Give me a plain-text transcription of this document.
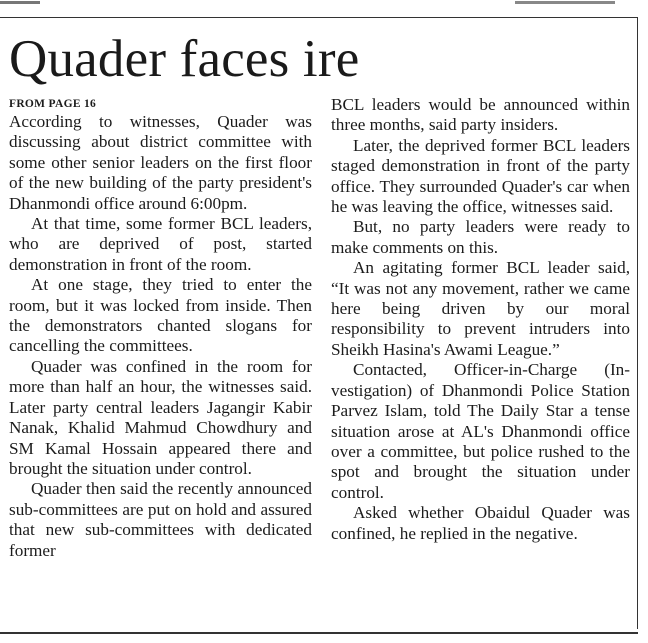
Quader faces ire
FROM PAGE 16

According to witnesses, Quader was discussing about district committee with some other senior leaders on the first floor of the new building of the party president's Dhanmondi office around 6:00pm.

At that time, some former BCL leaders, who are deprived of post, started demonstration in front of the room.

At one stage, they tried to enter the room, but it was locked from inside. Then the demonstrators chanted slogans for cancelling the committees.

Quader was confined in the room for more than half an hour, the witnesses said. Later party central leaders Jagangir Kabir Nanak, Khalid Mahmud Chowdhury and SM Kamal Hossain appeared there and brought the situation under control.

Quader then said the recently announced sub-committees are put on hold and assured that new sub-committees with dedicated former

BCL leaders would be announced within three months, said party insiders.

Later, the deprived former BCL leaders staged demonstration in front of the party office. They surrounded Quader's car when he was leaving the office, witnesses said.

But, no party leaders were ready to make comments on this.

An agitating former BCL leader said, “It was not any movement, rather we came here being driven by our moral responsibility to prevent intruders into Sheikh Hasina's Awami League.”

Contacted, Officer-in-Charge (Investigation) of Dhanmondi Police Station Parvez Islam, told The Daily Star a tense situation arose at AL's Dhanmondi office over a committee, but police rushed to the spot and brought the situation under control.

Asked whether Obaidul Quader was confined, he replied in the negative.
